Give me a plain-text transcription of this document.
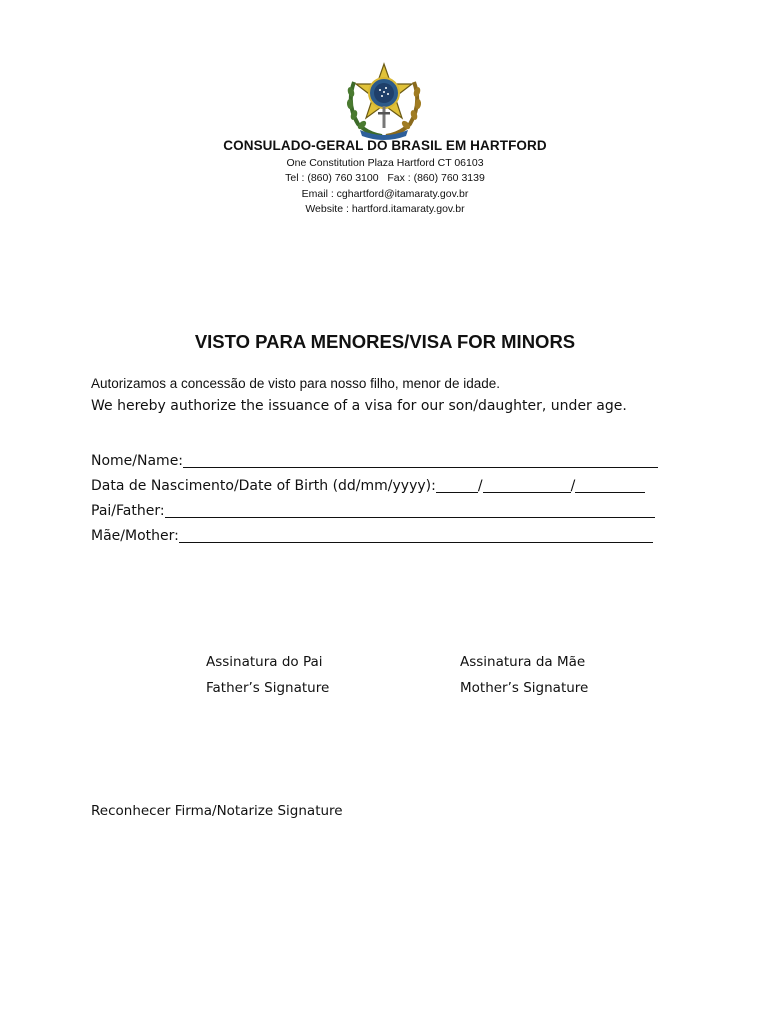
CONSULADO-GERAL DO BRASIL EM HARTFORD
One Constitution Plaza Hartford CT 06103
Tel : (860) 760 3100   Fax : (860) 760 3139
Email : cghartford@itamaraty.gov.br
Website : hartford.itamaraty.gov.br
VISTO PARA MENORES/VISA FOR MINORS
Autorizamos a concessão de visto para nosso filho, menor de idade.
We hereby authorize the issuance of a visa for our son/daughter, under age.
Nome/Name:
Data de Nascimento/Date of Birth (dd/mm/yyyy):	/	/
Pai/Father:
Mãe/Mother:
Assinatura do Pai
Father’s Signature
Assinatura da Mãe
Mother’s Signature
Reconhecer Firma/Notarize Signature
